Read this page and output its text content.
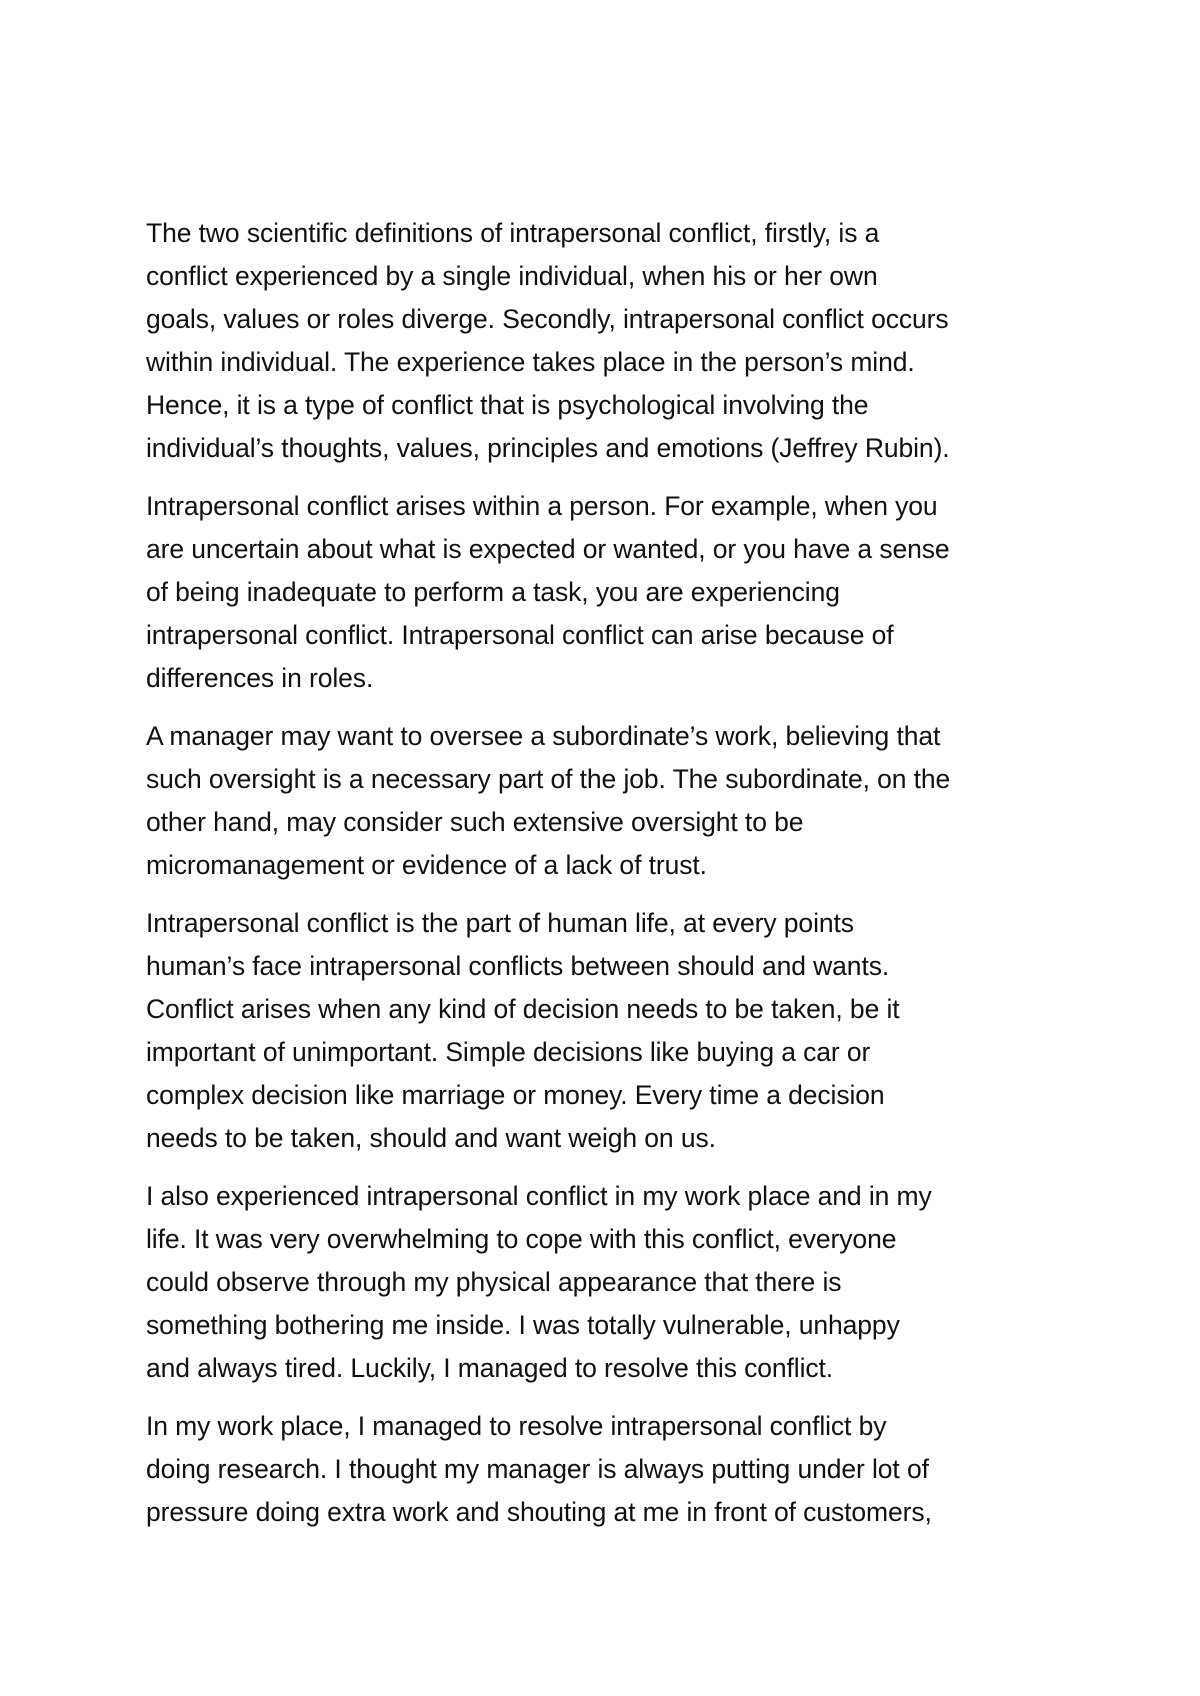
The two scientific definitions of intrapersonal conflict, firstly, is a
conflict experienced by a single individual, when his or her own
goals, values or roles diverge. Secondly, intrapersonal conflict occurs
within individual. The experience takes place in the person’s mind.
Hence, it is a type of conflict that is psychological involving the
individual’s thoughts, values, principles and emotions (Jeffrey Rubin).

Intrapersonal conflict arises within a person. For example, when you
are uncertain about what is expected or wanted, or you have a sense
of being inadequate to perform a task, you are experiencing
intrapersonal conflict. Intrapersonal conflict can arise because of
differences in roles.

A manager may want to oversee a subordinate’s work, believing that
such oversight is a necessary part of the job. The subordinate, on the
other hand, may consider such extensive oversight to be
micromanagement or evidence of a lack of trust.

Intrapersonal conflict is the part of human life, at every points
human’s face intrapersonal conflicts between should and wants.
Conflict arises when any kind of decision needs to be taken, be it
important of unimportant. Simple decisions like buying a car or
complex decision like marriage or money. Every time a decision
needs to be taken, should and want weigh on us.

I also experienced intrapersonal conflict in my work place and in my
life. It was very overwhelming to cope with this conflict, everyone
could observe through my physical appearance that there is
something bothering me inside. I was totally vulnerable, unhappy
and always tired. Luckily, I managed to resolve this conflict.

In my work place, I managed to resolve intrapersonal conflict by
doing research. I thought my manager is always putting under lot of
pressure doing extra work and shouting at me in front of customers,
